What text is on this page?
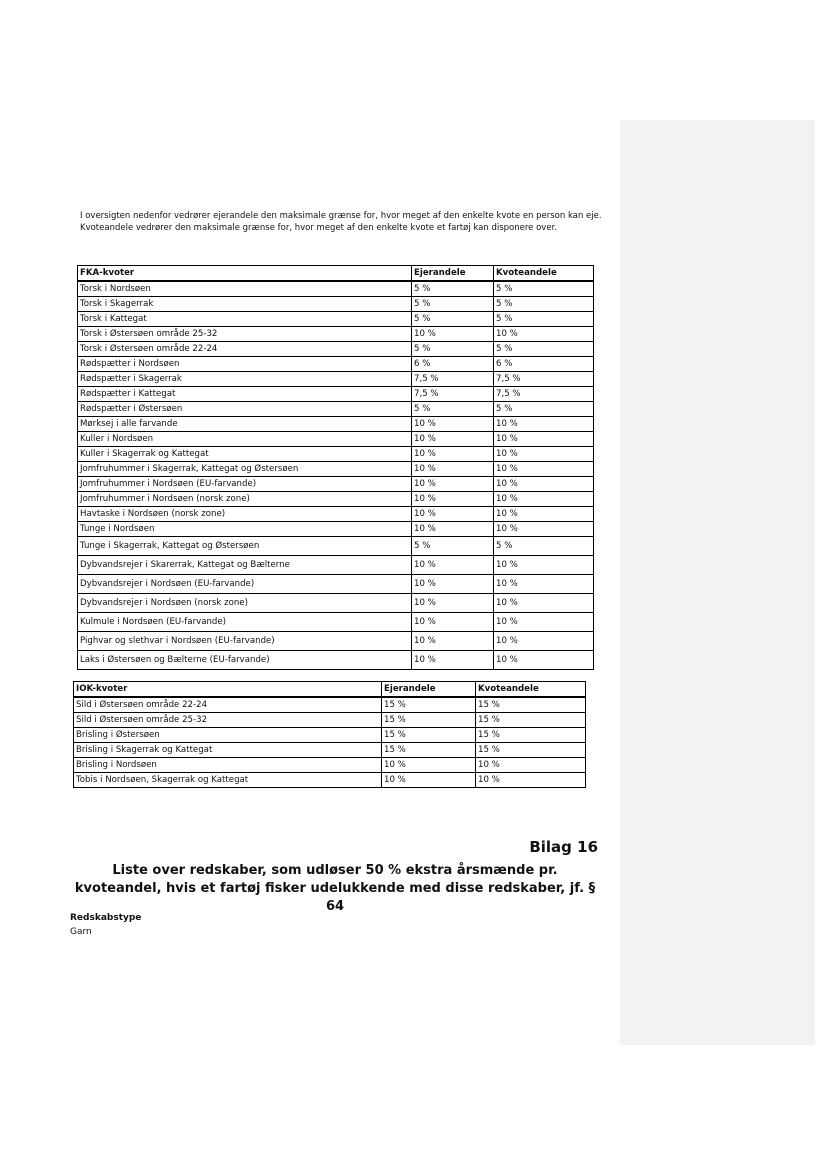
I oversigten nedenfor vedrører ejerandele den maksimale grænse for, hvor meget af den enkelte kvote en person kan eje. Kvoteandele vedrører den maksimale grænse for, hvor meget af den enkelte kvote et fartøj kan disponere over.

FKA-kvoter	Ejerandele	Kvoteandele
Torsk i Nordsøen	5 %	5 %
Torsk i Skagerrak	5 %	5 %
Torsk i Kattegat	5 %	5 %
Torsk i Østersøen område 25-32	10 %	10 %
Torsk i Østersøen område 22-24	5 %	5 %
Rødspætter i Nordsøen	6 %	6 %
Rødspætter i Skagerrak	7,5 %	7,5 %
Rødspætter i Kattegat	7,5 %	7,5 %
Rødspætter i Østersøen	5 %	5 %
Mørksej i alle farvande	10 %	10 %
Kuller i Nordsøen	10 %	10 %
Kuller i Skagerrak og Kattegat	10 %	10 %
Jomfruhummer i Skagerrak, Kattegat og Østersøen	10 %	10 %
Jomfruhummer i Nordsøen (EU-farvande)	10 %	10 %
Jomfruhummer i Nordsøen (norsk zone)	10 %	10 %
Havtaske i Nordsøen (norsk zone)	10 %	10 %
Tunge i Nordsøen	10 %	10 %
Tunge i Skagerrak, Kattegat og Østersøen	5 %	5 %
Dybvandsrejer i Skarerrak, Kattegat og Bælterne	10 %	10 %
Dybvandsrejer i Nordsøen (EU-farvande)	10 %	10 %
Dybvandsrejer i Nordsøen (norsk zone)	10 %	10 %
Kulmule i Nordsøen (EU-farvande)	10 %	10 %
Pighvar og slethvar i Nordsøen (EU-farvande)	10 %	10 %
Laks i Østersøen og Bælterne (EU-farvande)	10 %	10 %
IOK-kvoter	Ejerandele	Kvoteandele
Sild i Østersøen område 22-24	15 %	15 %
Sild i Østersøen område 25-32	15 %	15 %
Brisling i Østersøen	15 %	15 %
Brisling i Skagerrak og Kattegat	15 %	15 %
Brisling i Nordsøen	10 %	10 %
Tobis i Nordsøen, Skagerrak og Kattegat	10 %	10 %
Bilag 16
Liste over redskaber, som udløser 50 % ekstra årsmænde pr. kvoteandel, hvis et fartøj fisker udelukkende med disse redskaber, jf. § 64
Redskabstype
Garn
